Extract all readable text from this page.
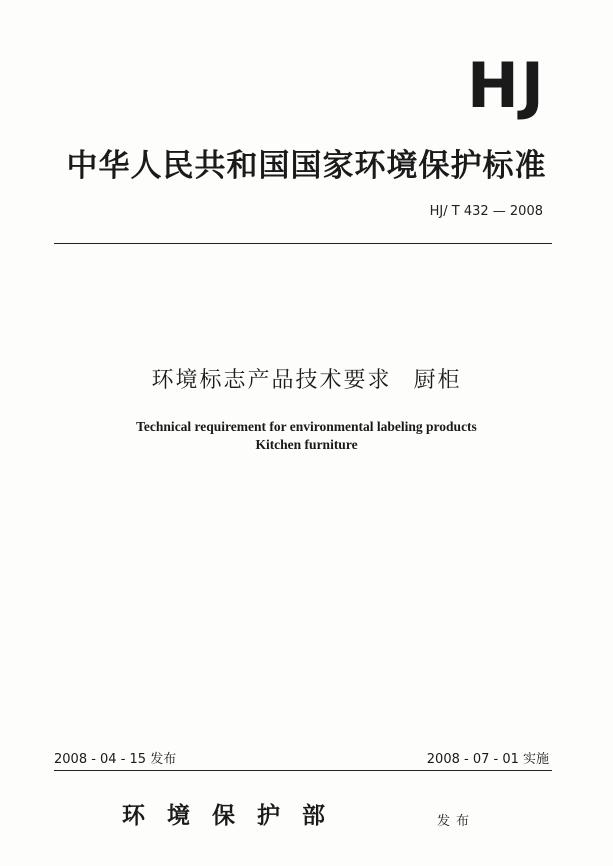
HJ
中华人民共和国国家环境保护标准
HJ/ T 432 — 2008
环境标志产品技术要求 厨柜
Technical requirement for environmental labeling products
Kitchen furniture
2008 - 04 - 15 发布	2008 - 07 - 01 实施
环境保护部	发布
